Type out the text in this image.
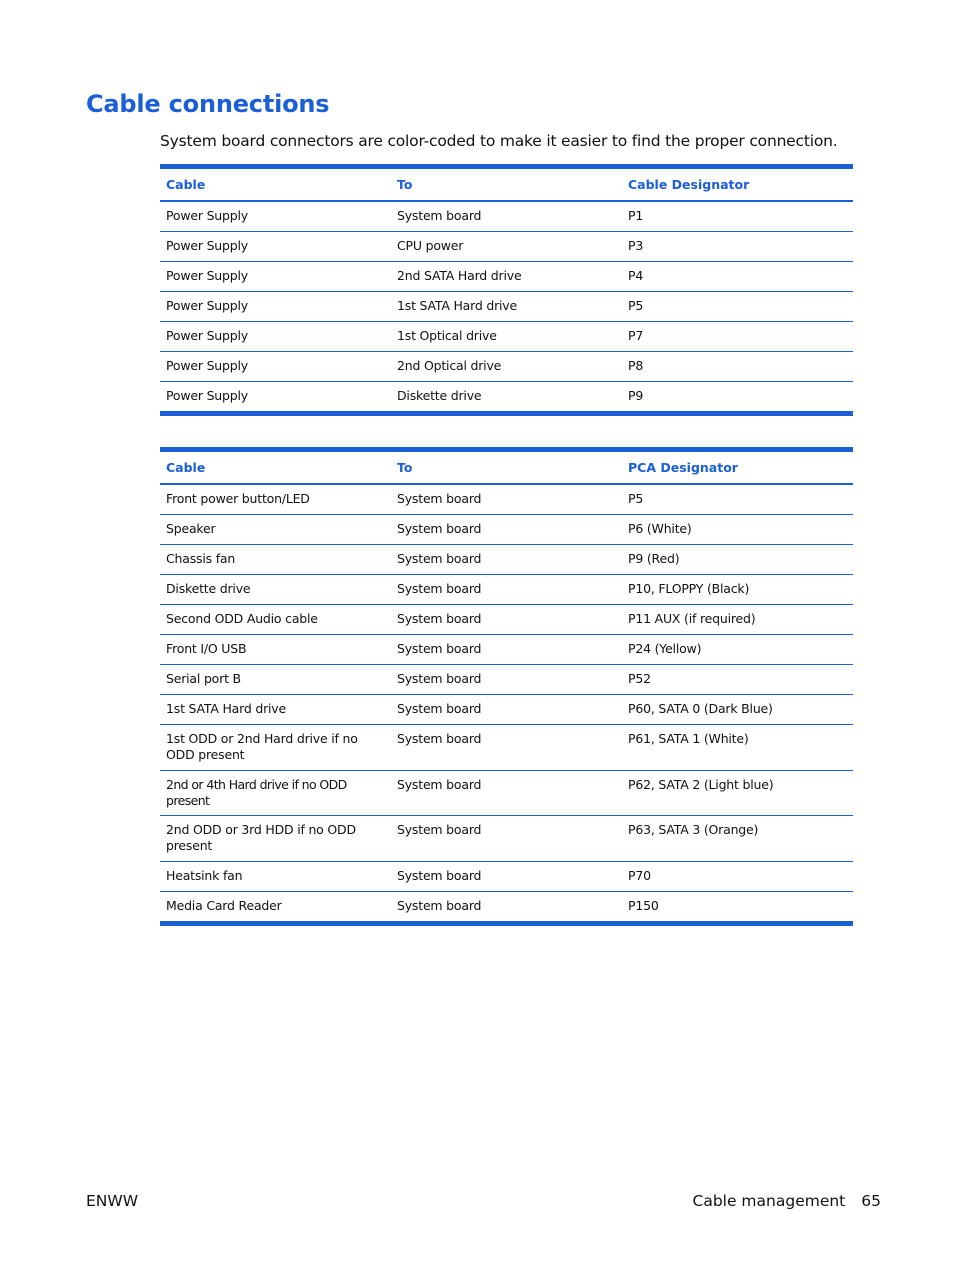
Cable connections

System board connectors are color-coded to make it easier to find the proper connection.

Cable	To	Cable Designator
Power Supply	System board	P1
Power Supply	CPU power	P3
Power Supply	2nd SATA Hard drive	P4
Power Supply	1st SATA Hard drive	P5
Power Supply	1st Optical drive	P7
Power Supply	2nd Optical drive	P8
Power Supply	Diskette drive	P9
Cable	To	PCA Designator
Front power button/LED	System board	P5
Speaker	System board	P6 (White)
Chassis fan	System board	P9 (Red)
Diskette drive	System board	P10, FLOPPY (Black)
Second ODD Audio cable	System board	P11 AUX (if required)
Front I/O USB	System board	P24 (Yellow)
Serial port B	System board	P52
1st SATA Hard drive	System board	P60, SATA 0 (Dark Blue)
1st ODD or 2nd Hard drive if no ODD present	System board	P61, SATA 1 (White)
2nd or 4th Hard drive if no ODD present	System board	P62, SATA 2 (Light blue)
2nd ODD or 3rd HDD if no ODD present	System board	P63, SATA 3 (Orange)
Heatsink fan	System board	P70
Media Card Reader	System board	P150

ENWW	Cable management 65
